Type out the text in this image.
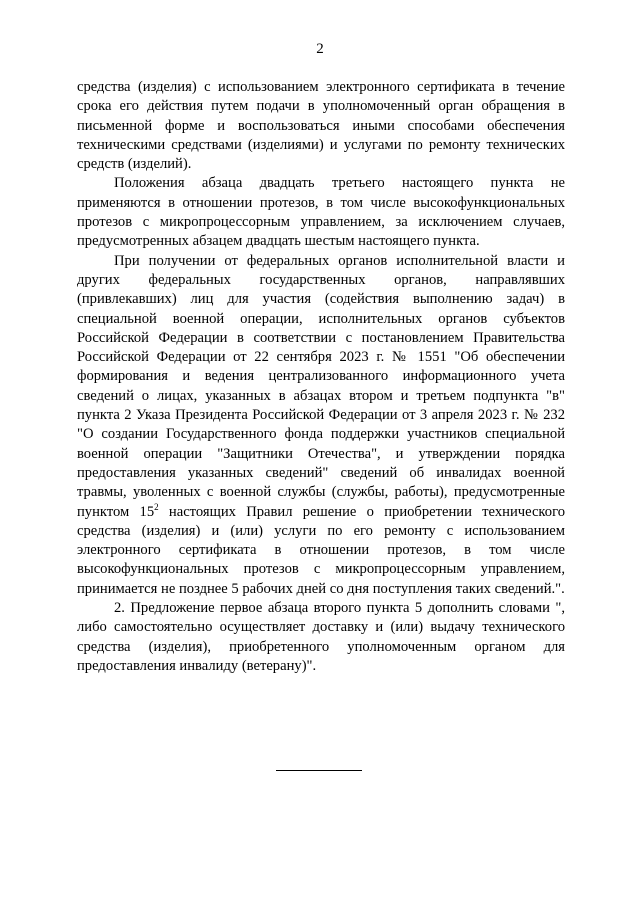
2

средства (изделия) с использованием электронного сертификата в течение срока его действия путем подачи в уполномоченный орган обращения в письменной форме и воспользоваться иными способами обеспечения техническими средствами (изделиями) и услугами по ремонту технических средств (изделий).

Положения абзаца двадцать третьего настоящего пункта не применяются в отношении протезов, в том числе высокофункциональных протезов с микропроцессорным управлением, за исключением случаев, предусмотренных абзацем двадцать шестым настоящего пункта.

При получении от федеральных органов исполнительной власти и других федеральных государственных органов, направлявших (привлекавших) лиц для участия (содействия выполнению задач) в специальной военной операции, исполнительных органов субъектов Российской Федерации в соответствии с постановлением Правительства Российской Федерации от 22 сентября 2023 г. № 1551 "Об обеспечении формирования и ведения централизованного информационного учета сведений о лицах, указанных в абзацах втором и третьем подпункта "в" пункта 2 Указа Президента Российской Федерации от 3 апреля 2023 г. № 232 "О создании Государственного фонда поддержки участников специальной военной операции "Защитники Отечества", и утверждении порядка предоставления указанных сведений" сведений об инвалидах военной травмы, уволенных с военной службы (службы, работы), предусмотренные пунктом $15^2$ настоящих Правил решение о приобретении технического средства (изделия) и (или) услуги по его ремонту с использованием электронного сертификата в отношении протезов, в том числе высокофункциональных протезов с микропроцессорным управлением, принимается не позднее 5 рабочих дней со дня поступления таких сведений.".

2. Предложение первое абзаца второго пункта 5 дополнить словами ", либо самостоятельно осуществляет доставку и (или) выдачу технического средства (изделия), приобретенного уполномоченным органом для предоставления инвалиду (ветерану)".
